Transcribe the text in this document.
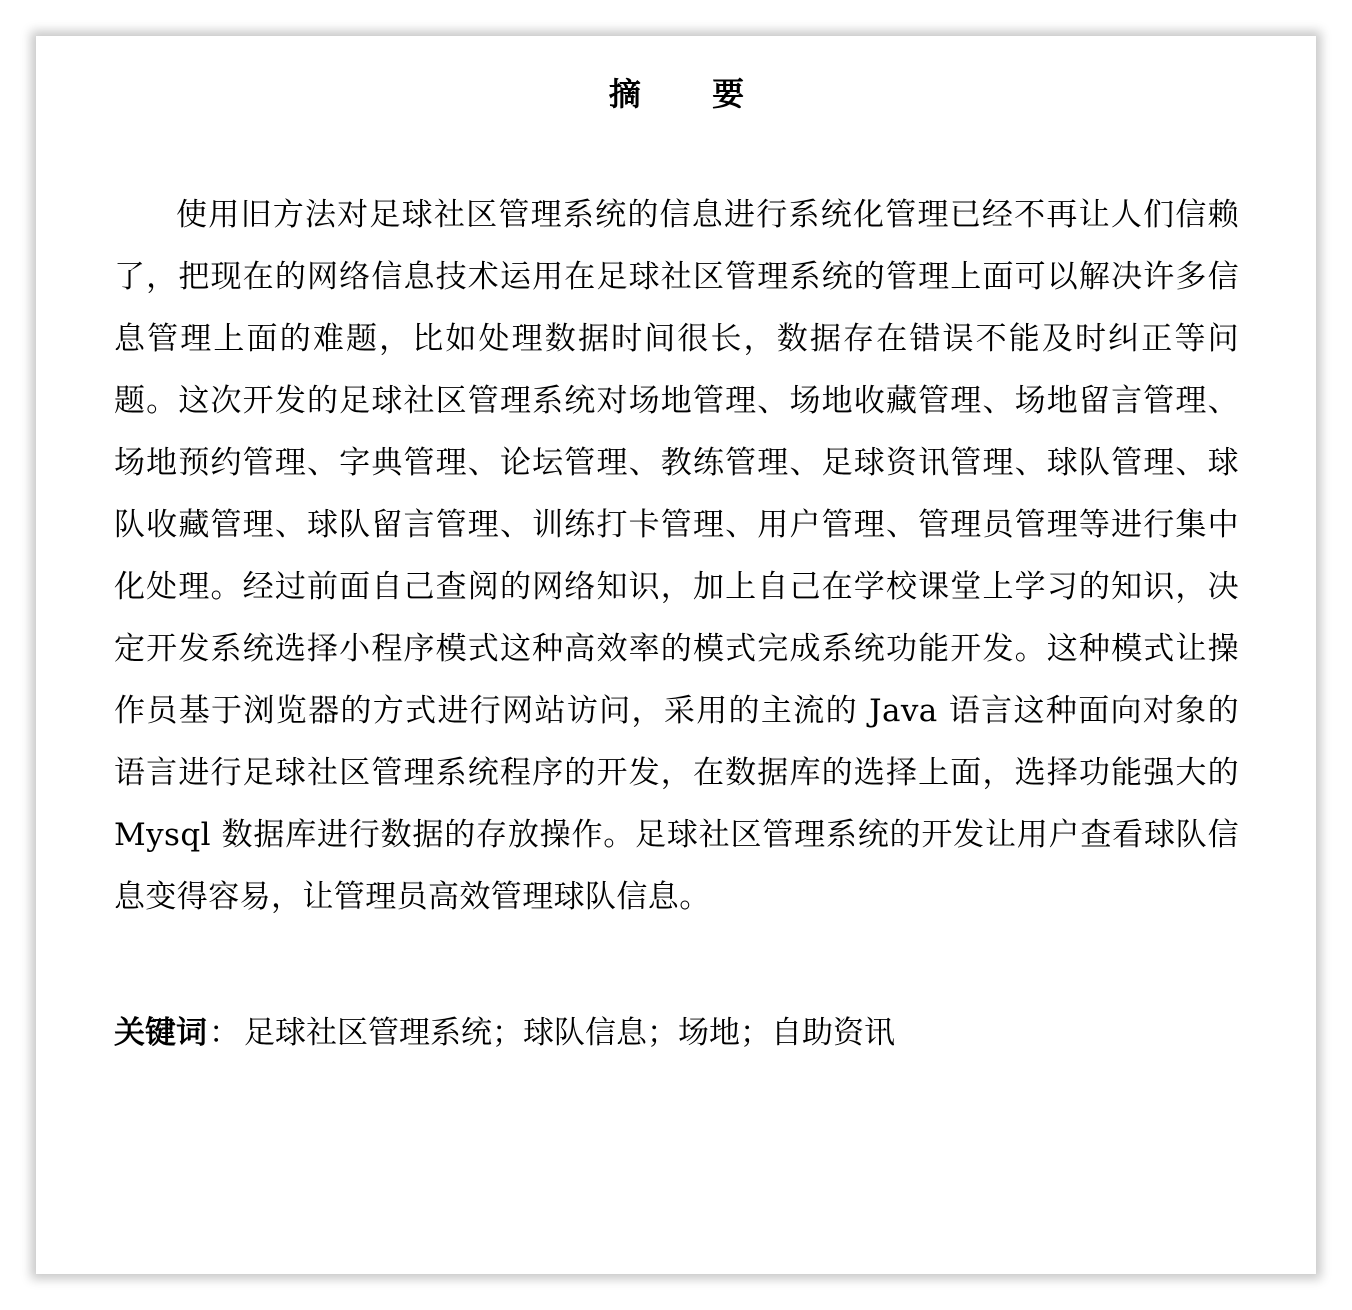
摘 要

使用旧方法对足球社区管理系统的信息进行系统化管理已经不再让人们信赖了，把现在的网络信息技术运用在足球社区管理系统的管理上面可以解决许多信息管理上面的难题，比如处理数据时间很长，数据存在错误不能及时纠正等问题。这次开发的足球社区管理系统对场地管理、场地收藏管理、场地留言管理、场地预约管理、字典管理、论坛管理、教练管理、足球资讯管理、球队管理、球队收藏管理、球队留言管理、训练打卡管理、用户管理、管理员管理等进行集中化处理。经过前面自己查阅的网络知识，加上自己在学校课堂上学习的知识，决定开发系统选择小程序模式这种高效率的模式完成系统功能开发。这种模式让操作员基于浏览器的方式进行网站访问，采用的主流的 Java 语言这种面向对象的语言进行足球社区管理系统程序的开发，在数据库的选择上面，选择功能强大的 Mysql 数据库进行数据的存放操作。足球社区管理系统的开发让用户查看球队信息变得容易，让管理员高效管理球队信息。

关键词： 足球社区管理系统；球队信息；场地；自助资讯
